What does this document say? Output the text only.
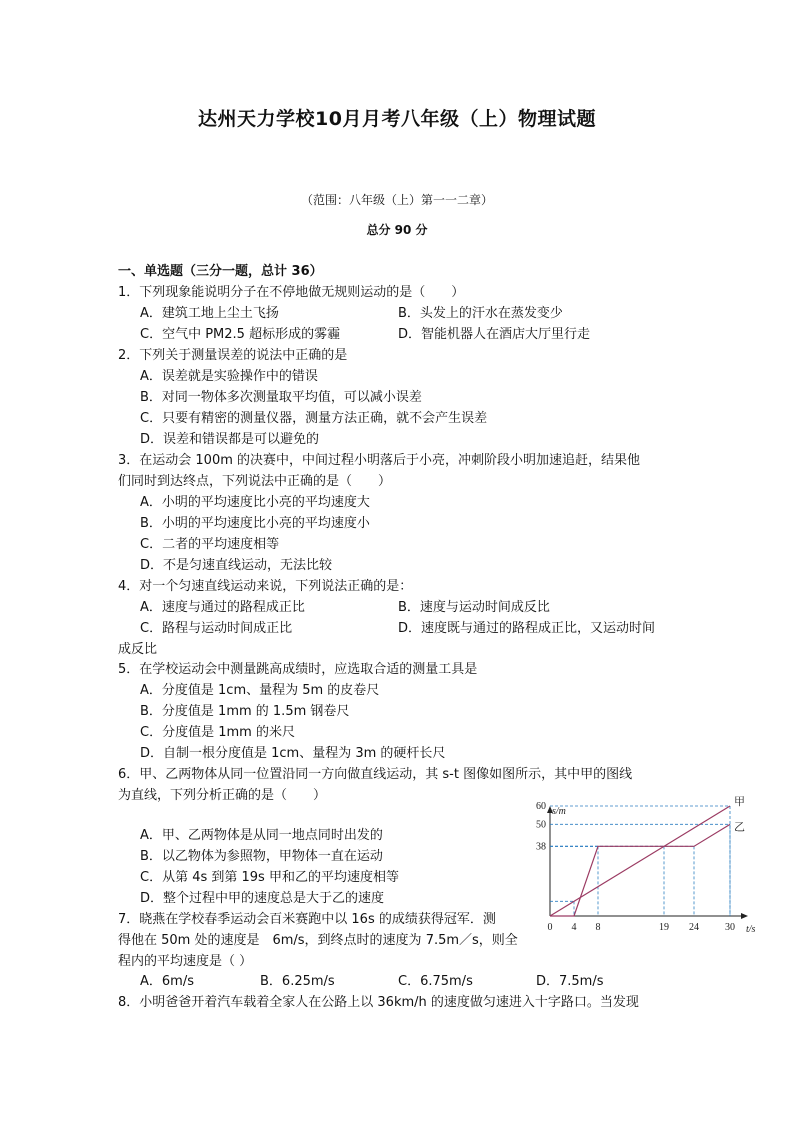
达州天力学校10月月考八年级（上）物理试题
（范围：八年级（上）第一一二章）
总分 90 分
一、单选题（三分一题，总计 36）
1．下列现象能说明分子在不停地做无规则运动的是（　　）
A．建筑工地上尘土飞扬	B．头发上的汗水在蒸发变少
C．空气中 PM2.5 超标形成的雾霾	D．智能机器人在酒店大厅里行走
2．下列关于测量误差的说法中正确的是
A．误差就是实验操作中的错误
B．对同一物体多次测量取平均值，可以减小误差
C．只要有精密的测量仪器，测量方法正确，就不会产生误差
D．误差和错误都是可以避免的
3．在运动会 100m 的决赛中，中间过程小明落后于小亮，冲刺阶段小明加速追赶，结果他
们同时到达终点，下列说法中正确的是（　　）
A．小明的平均速度比小亮的平均速度大
B．小明的平均速度比小亮的平均速度小
C．二者的平均速度相等
D．不是匀速直线运动，无法比较
4．对一个匀速直线运动来说，下列说法正确的是：
A．速度与通过的路程成正比	B．速度与运动时间成反比
C．路程与运动时间成正比	D．速度既与通过的路程成正比，又运动时间
成反比
5．在学校运动会中测量跳高成绩时，应选取合适的测量工具是
A．分度值是 1cm、量程为 5m 的皮卷尺
B．分度值是 1mm 的 1.5m 钢卷尺
C．分度值是 1mm 的米尺
D．自制一根分度值是 1cm、量程为 3m 的硬杆长尺
6．甲、乙两物体从同一位置沿同一方向做直线运动，其 s-t 图像如图所示，其中甲的图线
为直线，下列分析正确的是（　　）
A．甲、乙两物体是从同一地点同时出发的
B．以乙物体为参照物，甲物体一直在运动
C．从第 4s 到第 19s 甲和乙的平均速度相等
D．整个过程中甲的速度总是大于乙的速度
s/m
t/s
甲
乙
0 4 8	19 24	30
38
50
60
7．晓燕在学校春季运动会百米赛跑中以 16s 的成绩获得冠军．测
得他在 50m 处的速度是　6m/s，到终点时的速度为 7.5m／s，则全
程内的平均速度是（ ）
A．6m/s	B．6.25m/s	C．6.75m/s	D．7.5m/s
8．小明爸爸开着汽车载着全家人在公路上以 36km/h 的速度做匀速进入十字路口。当发现
